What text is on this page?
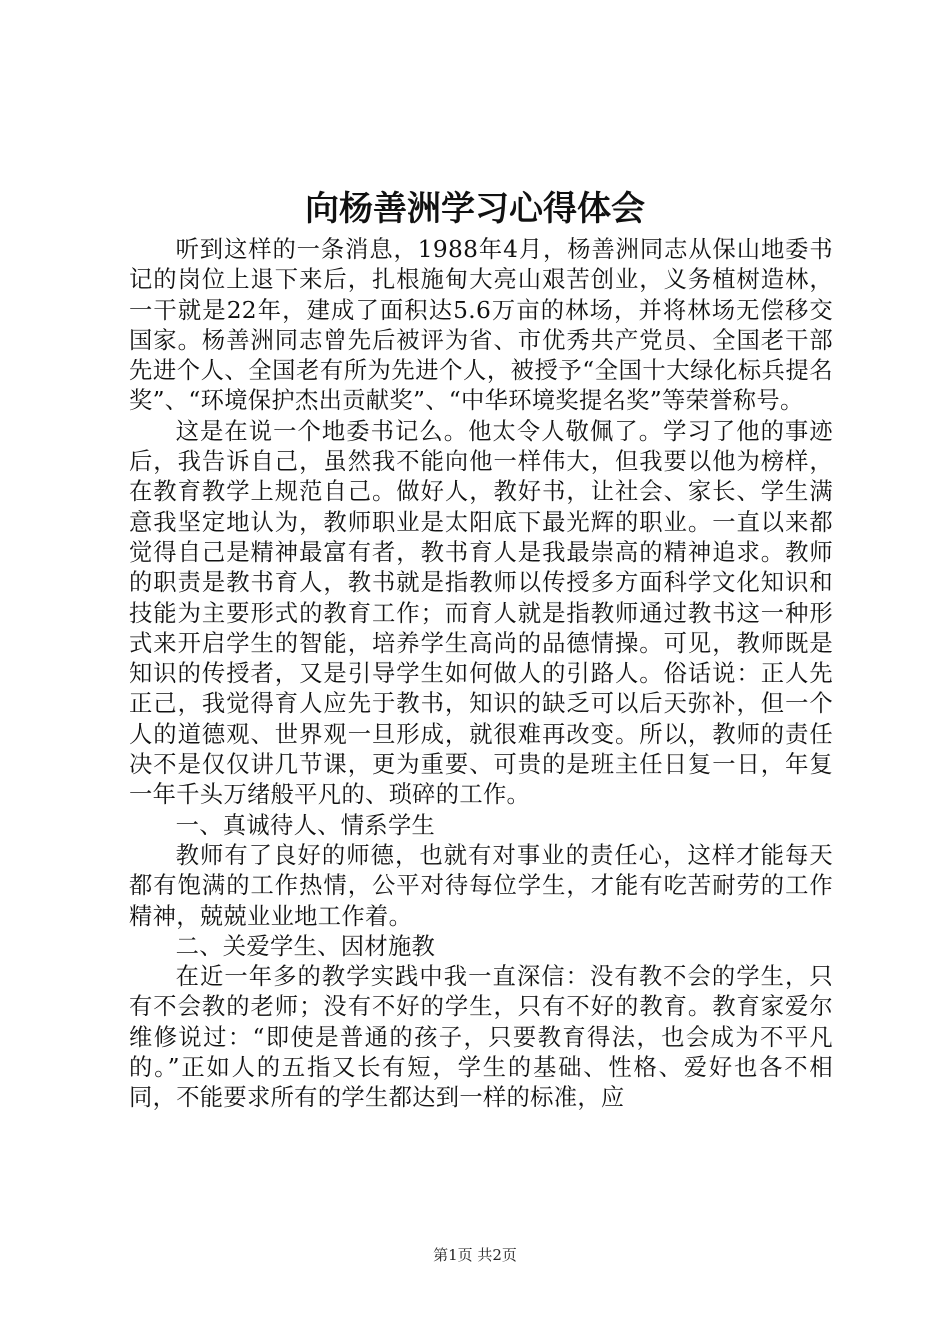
向杨善洲学习心得体会

听到这样的一条消息，1988年4月，杨善洲同志从保山地委书记的岗位上退下来后，扎根施甸大亮山艰苦创业，义务植树造林，一干就是22年，建成了面积达5.6万亩的林场，并将林场无偿移交国家。杨善洲同志曾先后被评为省、市优秀共产党员、全国老干部先进个人、全国老有所为先进个人，被授予“全国十大绿化标兵提名奖”、“环境保护杰出贡献奖”、“中华环境奖提名奖”等荣誉称号。

这是在说一个地委书记么。他太令人敬佩了。学习了他的事迹后，我告诉自己，虽然我不能向他一样伟大，但我要以他为榜样，在教育教学上规范自己。做好人，教好书，让社会、家长、学生满意我坚定地认为，教师职业是太阳底下最光辉的职业。一直以来都觉得自己是精神最富有者，教书育人是我最崇高的精神追求。教师的职责是教书育人，教书就是指教师以传授多方面科学文化知识和技能为主要形式的教育工作；而育人就是指教师通过教书这一种形式来开启学生的智能，培养学生高尚的品德情操。可见，教师既是知识的传授者，又是引导学生如何做人的引路人。俗话说：正人先正己，我觉得育人应先于教书，知识的缺乏可以后天弥补，但一个人的道德观、世界观一旦形成，就很难再改变。所以，教师的责任决不是仅仅讲几节课，更为重要、可贵的是班主任日复一日，年复一年千头万绪般平凡的、琐碎的工作。

一、真诚待人、情系学生

教师有了良好的师德，也就有对事业的责任心，这样才能每天都有饱满的工作热情，公平对待每位学生，才能有吃苦耐劳的工作精神，兢兢业业地工作着。

二、关爱学生、因材施教

在近一年多的教学实践中我一直深信：没有教不会的学生，只有不会教的老师；没有不好的学生，只有不好的教育。教育家爱尔维修说过：“即使是普通的孩子，只要教育得法，也会成为不平凡的。”正如人的五指又长有短，学生的基础、性格、爱好也各不相同，不能要求所有的学生都达到一样的标准，应

第1页 共2页
